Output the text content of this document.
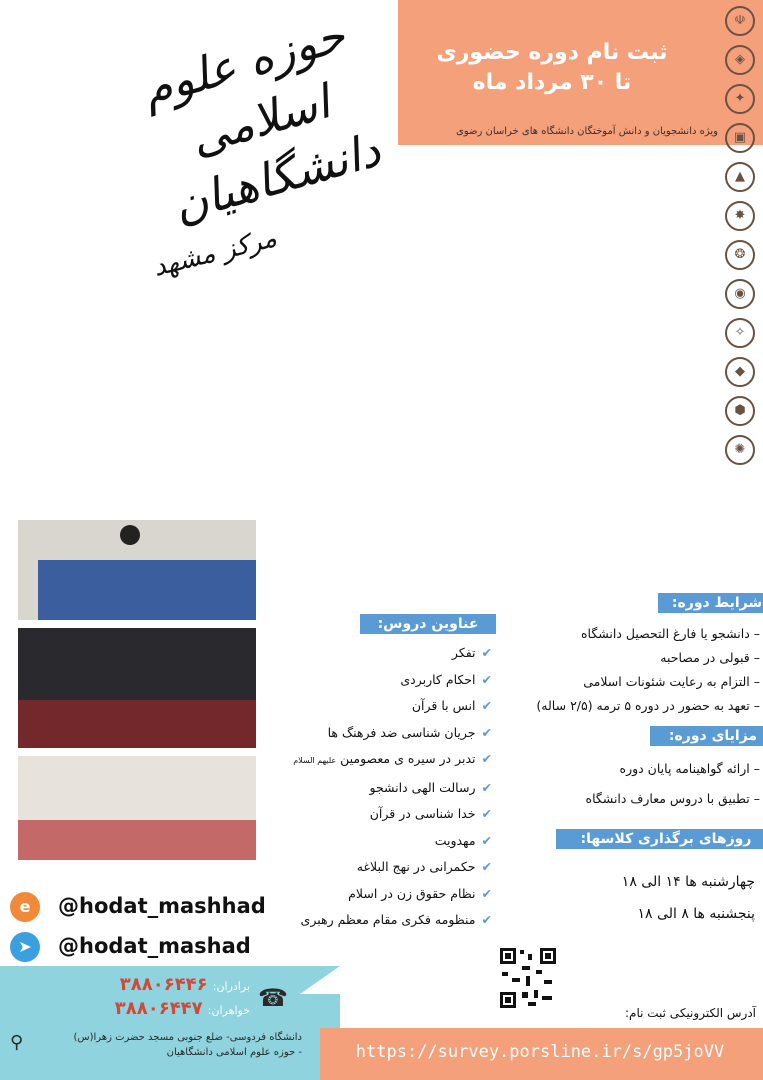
ثبت نام دوره حضوری
تا ۳۰ مرداد ماه
ویژه دانشجویان و دانش آموختگان دانشگاه های خراسان رضوی
☫
◈
✦
▣
▲
✸
❂
◉
✧
◆
⬢
✺
حوزه علوم اسلامی دانشگاهیان
مرکز مشهد
شرایط دوره:
– دانشجو یا فارغ التحصیل دانشگاه
– قبولی در مصاحبه
– التزام به رعایت شئونات اسلامی
– تعهد به حضور در دوره ۵ ترمه (۲/۵ ساله)
مزایای دوره:
– ارائه گواهینامه پایان دوره
– تطبیق با دروس معارف دانشگاه
روزهای برگذاری کلاسها:
چهارشنبه ها ۱۴ الی ۱۸
پنجشنبه ها ۸ الی ۱۸
عناوین دروس:
✔تفکر
✔احکام کاربردی
✔انس با قرآن
✔جریان شناسی ضد فرهنگ ها
✔تدبر در سیره ی معصومین علیهم السلام
✔رسالت الهی دانشجو
✔خدا شناسی در قرآن
✔مهدویت
✔حکمرانی در نهج البلاغه
✔نظام حقوق زن در اسلام
✔منظومه فکری مقام معظم رهبری
e	@hodat_mashhad
➤	@hodat_mashad
☎
برادران: ۳۸۸۰۶۴۴۶
خواهران: ۳۸۸۰۶۴۴۷
⚲	دانشگاه فردوسی- ضلع جنوبی مسجد حضرت زهرا(س)
- حوزه علوم اسلامی دانشگاهیان
آدرس الکترونیکی ثبت نام:
https://survey.porsline.ir/s/gp5joVV
